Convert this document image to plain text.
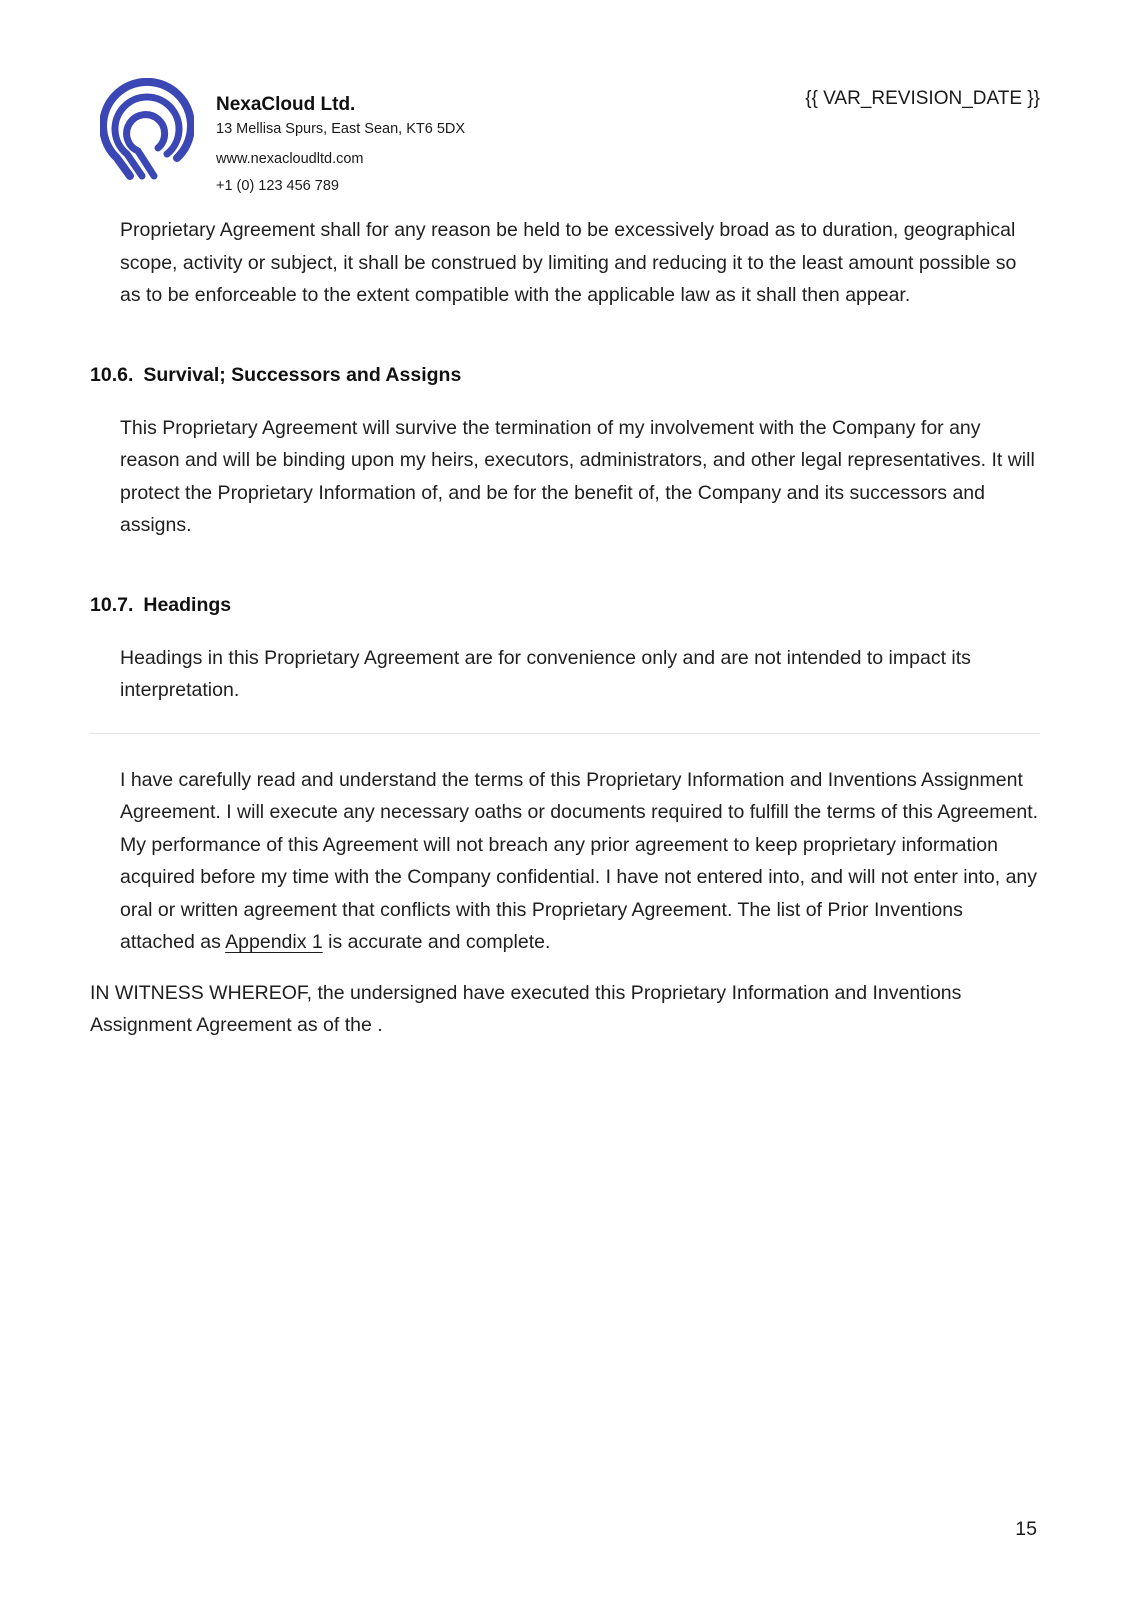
NexaCloud Ltd.

13 Mellisa Spurs, East Sean, KT6 5DX

www.nexacloudltd.com

+1 (0) 123 456 789

{{ VAR_REVISION_DATE }}

Proprietary Agreement shall for any reason be held to be excessively broad as to duration, geographical scope, activity or subject, it shall be construed by limiting and reducing it to the least amount possible so as to be enforceable to the extent compatible with the applicable law as it shall then appear.

10.6. Survival; Successors and Assigns

This Proprietary Agreement will survive the termination of my involvement with the Company for any reason and will be binding upon my heirs, executors, administrators, and other legal representatives. It will protect the Proprietary Information of, and be for the benefit of, the Company and its successors and assigns.

10.7. Headings

Headings in this Proprietary Agreement are for convenience only and are not intended to impact its interpretation.

I have carefully read and understand the terms of this Proprietary Information and Inventions Assignment Agreement. I will execute any necessary oaths or documents required to fulfill the terms of this Agreement. My performance of this Agreement will not breach any prior agreement to keep proprietary information acquired before my time with the Company confidential. I have not entered into, and will not enter into, any oral or written agreement that conflicts with this Proprietary Agreement. The list of Prior Inventions attached as Appendix 1 is accurate and complete.

IN WITNESS WHEREOF, the undersigned have executed this Proprietary Information and Inventions Assignment Agreement as of the .

15
